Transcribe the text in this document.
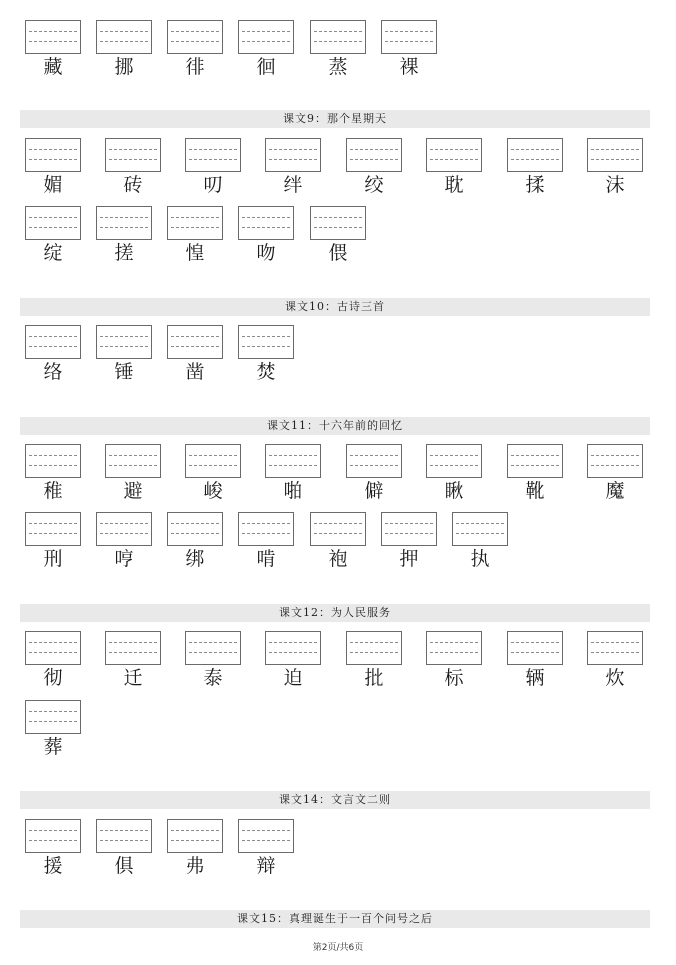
藏	挪	徘	徊	蒸	裸
课文9：那个星期天
媚	砖	叨	绊	绞	耽	揉	沫
绽	搓	惶	吻	偎
课文10：古诗三首
络	锤	凿	焚
课文11：十六年前的回忆
稚	避	峻	啪	僻	瞅	靴	魔
刑	哼	绑	啃	袍	押	执
课文12：为人民服务
彻	迁	泰	迫	批	标	辆	炊
葬
课文14：文言文二则
援	俱	弗	辩
课文15：真理诞生于一百个问号之后
第2页/共6页
